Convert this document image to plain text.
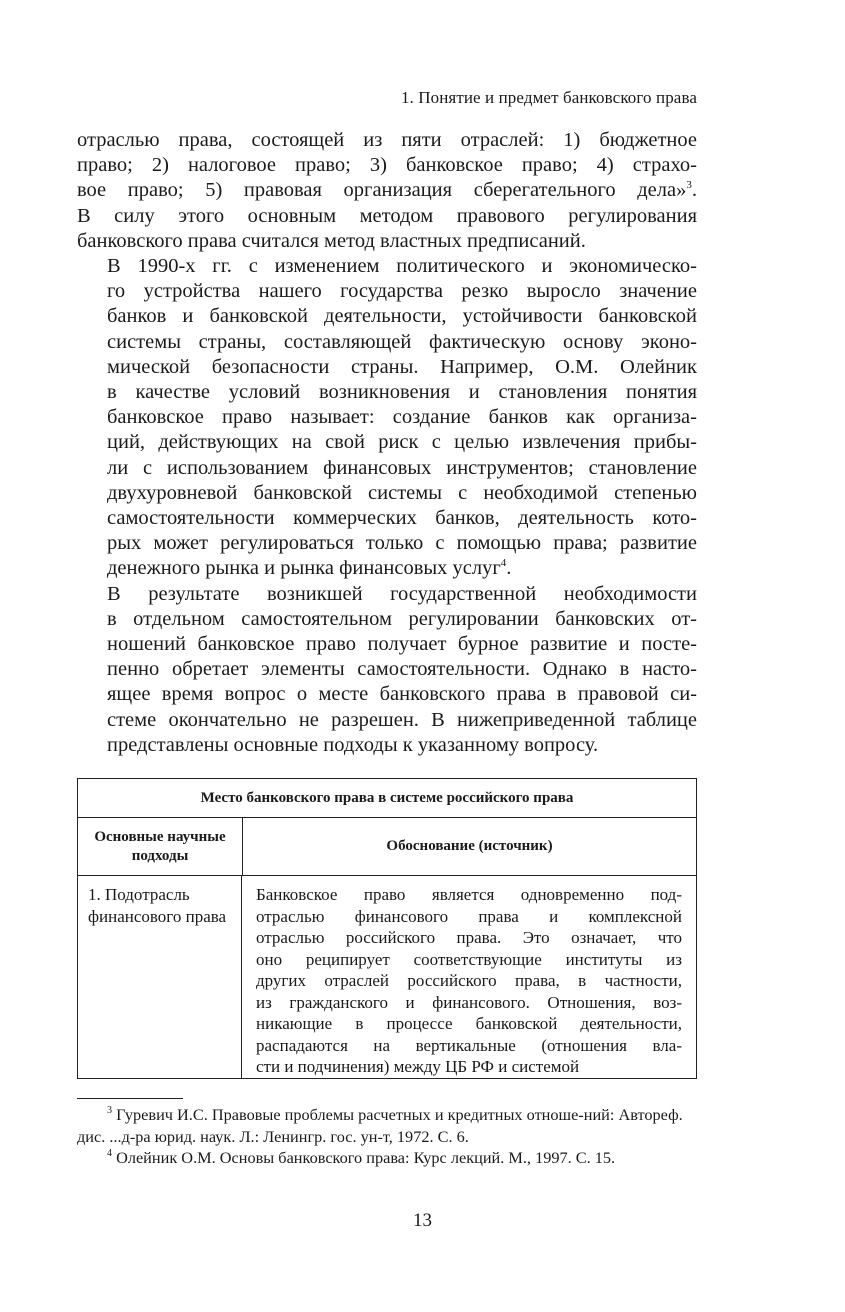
1. Понятие и предмет банковского права

отраслью права, состоящей из пяти отраслей: 1) бюджетное
право; 2) налоговое право; 3) банковское право; 4) страхо-
вое право; 5) правовая организация сберегательного дела»$^3$.
В силу этого основным методом правового регулирования
банковского права считался метод властных предписаний.

В 1990-х гг. с изменением политического и экономическо-
го устройства нашего государства резко выросло значение
банков и банковской деятельности, устойчивости банковской
системы страны, составляющей фактическую основу эконо-
мической безопасности страны. Например, О.М. Олейник
в качестве условий возникновения и становления понятия
банковское право называет: создание банков как организа-
ций, действующих на свой риск с целью извлечения прибы-
ли с использованием финансовых инструментов; становление
двухуровневой банковской системы с необходимой степенью
самостоятельности коммерческих банков, деятельность кото-
рых может регулироваться только с помощью права; развитие
денежного рынка и рынка финансовых услуг$^4$.

В результате возникшей государственной необходимости
в отдельном самостоятельном регулировании банковских от-
ношений банковское право получает бурное развитие и посте-
пенно обретает элементы самостоятельности. Однако в насто-
ящее время вопрос о месте банковского права в правовой си-
стеме окончательно не разрешен. В нижеприведенной таблице
представлены основные подходы к указанному вопросу.

Место банковского права в системе российского права
Основные научные подходы
Обоснование (источник)
1. Подотрасль финансового права
Банковское право является одновременно под-
отраслью финансового права и комплексной
отраслью российского права. Это означает, что
оно реципирует соответствующие институты из
других отраслей российского права, в частности,
из гражданского и финансового. Отношения, воз-
никающие в процессе банковской деятельности,
распадаются на вертикальные (отношения вла-
сти и подчинения) между ЦБ РФ и системой

$^3$ Гуревич И.С. Правовые проблемы расчетных и кредитных отноше-ний: Автореф. дис. ...д-ра юрид. наук. Л.: Ленингр. гос. ун-т, 1972. С. 6.

$^4$ Олейник О.М. Основы банковского права: Курс лекций. М., 1997. С. 15.

13
